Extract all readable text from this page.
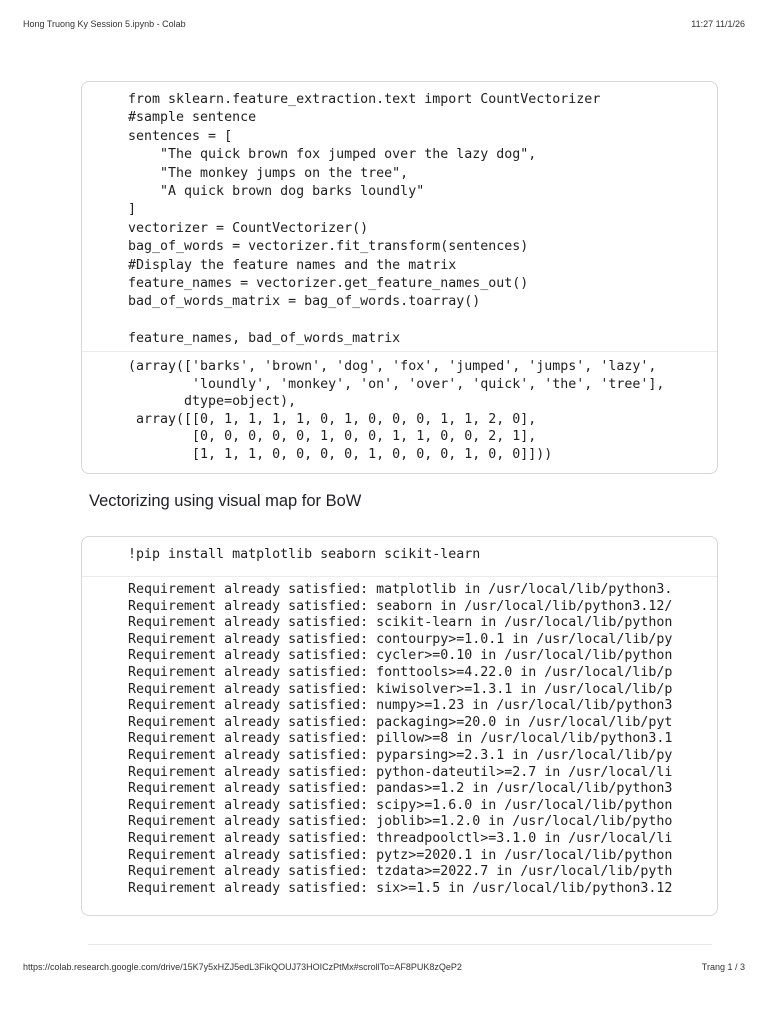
Hong Truong Ky Session 5.ipynb - Colab	11:27 11/1/26
from sklearn.feature_extraction.text import CountVectorizer
#sample sentence
sentences = [
"The quick brown fox jumped over the lazy dog",
"The monkey jumps on the tree",
"A quick brown dog barks loundly"
]
vectorizer = CountVectorizer()
bag_of_words = vectorizer.fit_transform(sentences)
#Display the feature names and the matrix
feature_names = vectorizer.get_feature_names_out()
bad_of_words_matrix = bag_of_words.toarray()

feature_names, bad_of_words_matrix
(array(['barks', 'brown', 'dog', 'fox', 'jumped', 'jumps', 'lazy',
'loundly', 'monkey', 'on', 'over', 'quick', 'the', 'tree'],
dtype=object),
array([[0, 1, 1, 1, 1, 0, 1, 0, 0, 0, 1, 1, 2, 0],
[0, 0, 0, 0, 0, 1, 0, 0, 1, 1, 0, 0, 2, 1],
[1, 1, 1, 0, 0, 0, 0, 1, 0, 0, 0, 1, 0, 0]]))
Vectorizing using visual map for BoW
!pip install matplotlib seaborn scikit-learn
Requirement already satisfied: matplotlib in /usr/local/lib/python3.
Requirement already satisfied: seaborn in /usr/local/lib/python3.12/
Requirement already satisfied: scikit-learn in /usr/local/lib/python
Requirement already satisfied: contourpy>=1.0.1 in /usr/local/lib/py
Requirement already satisfied: cycler>=0.10 in /usr/local/lib/python
Requirement already satisfied: fonttools>=4.22.0 in /usr/local/lib/p
Requirement already satisfied: kiwisolver>=1.3.1 in /usr/local/lib/p
Requirement already satisfied: numpy>=1.23 in /usr/local/lib/python3
Requirement already satisfied: packaging>=20.0 in /usr/local/lib/pyt
Requirement already satisfied: pillow>=8 in /usr/local/lib/python3.1
Requirement already satisfied: pyparsing>=2.3.1 in /usr/local/lib/py
Requirement already satisfied: python-dateutil>=2.7 in /usr/local/li
Requirement already satisfied: pandas>=1.2 in /usr/local/lib/python3
Requirement already satisfied: scipy>=1.6.0 in /usr/local/lib/python
Requirement already satisfied: joblib>=1.2.0 in /usr/local/lib/pytho
Requirement already satisfied: threadpoolctl>=3.1.0 in /usr/local/li
Requirement already satisfied: pytz>=2020.1 in /usr/local/lib/python
Requirement already satisfied: tzdata>=2022.7 in /usr/local/lib/pyth
Requirement already satisfied: six>=1.5 in /usr/local/lib/python3.12
https://colab.research.google.com/drive/15K7y5xHZJ5edL3FikQOUJ73HOICzPtMx#scrollTo=AF8PUK8zQeP2	Trang 1 / 3
